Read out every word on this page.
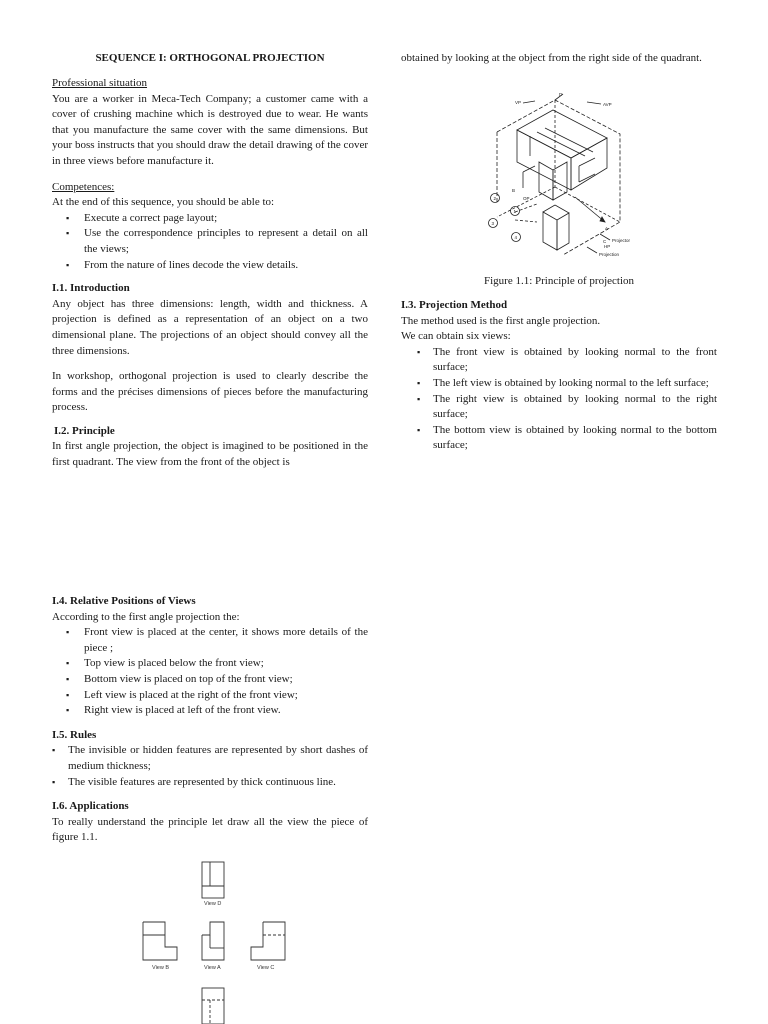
SEQUENCE I: ORTHOGONAL PROJECTION

Professional situation

You are a worker in Meca-Tech Company; a customer came with a cover of crushing machine which is destroyed due to wear. He wants that you manufacture the same cover with the same dimensions. But your boss instructs that you should draw the detail drawing of the cover in three views before manufacture it.

Competences:

At the end of this sequence, you should be able to:

▪ Execute a correct page layout;
▪ Use the correspondence principles to represent a detail on all the views;
▪ From the nature of lines decode the view details.

I.1. Introduction

Any object has three dimensions: length, width and thickness. A projection is defined as a representation of an object on a two dimensional plane. The projections of an object should convey all the three dimensions.

In workshop, orthogonal projection is used to clearly describe the forms and the précises dimensions of pieces before the manufacturing process.

I.2. Principle

In first angle projection, the object is imagined to be positioned in the first quadrant. The view from the front of the object is

obtained by looking at the object from the right side of the quadrant.

VP	AVP
D
B
A
OP
Projector
C
HP
Projection
2
1
3
4

Figure 1.1: Principle of projection

I.3. Projection Method

The method used is the first angle projection.

We can obtain six views:

▪ The front view is obtained by looking normal to the front surface;
▪ The left view is obtained by looking normal to the left surface;
▪ The right view is obtained by looking normal to the right surface;
▪ The bottom view is obtained by looking normal to the bottom surface;

I.4. Relative Positions of Views

According to the first angle projection the:

▪ Front view is placed at the center, it shows more details of the piece ;
▪ Top view is placed below the front view;
▪ Bottom view is placed on top of the front view;
▪ Left view is placed at the right of the front view;
▪ Right view is placed at left of the front view.

I.5. Rules

▪ The invisible or hidden features are represented by short dashes of medium thickness;
▪ The visible features are represented by thick continuous line.

I.6. Applications

To really understand the principle let draw all the view the piece of figure 1.1.

View D
View B	View A	View C
